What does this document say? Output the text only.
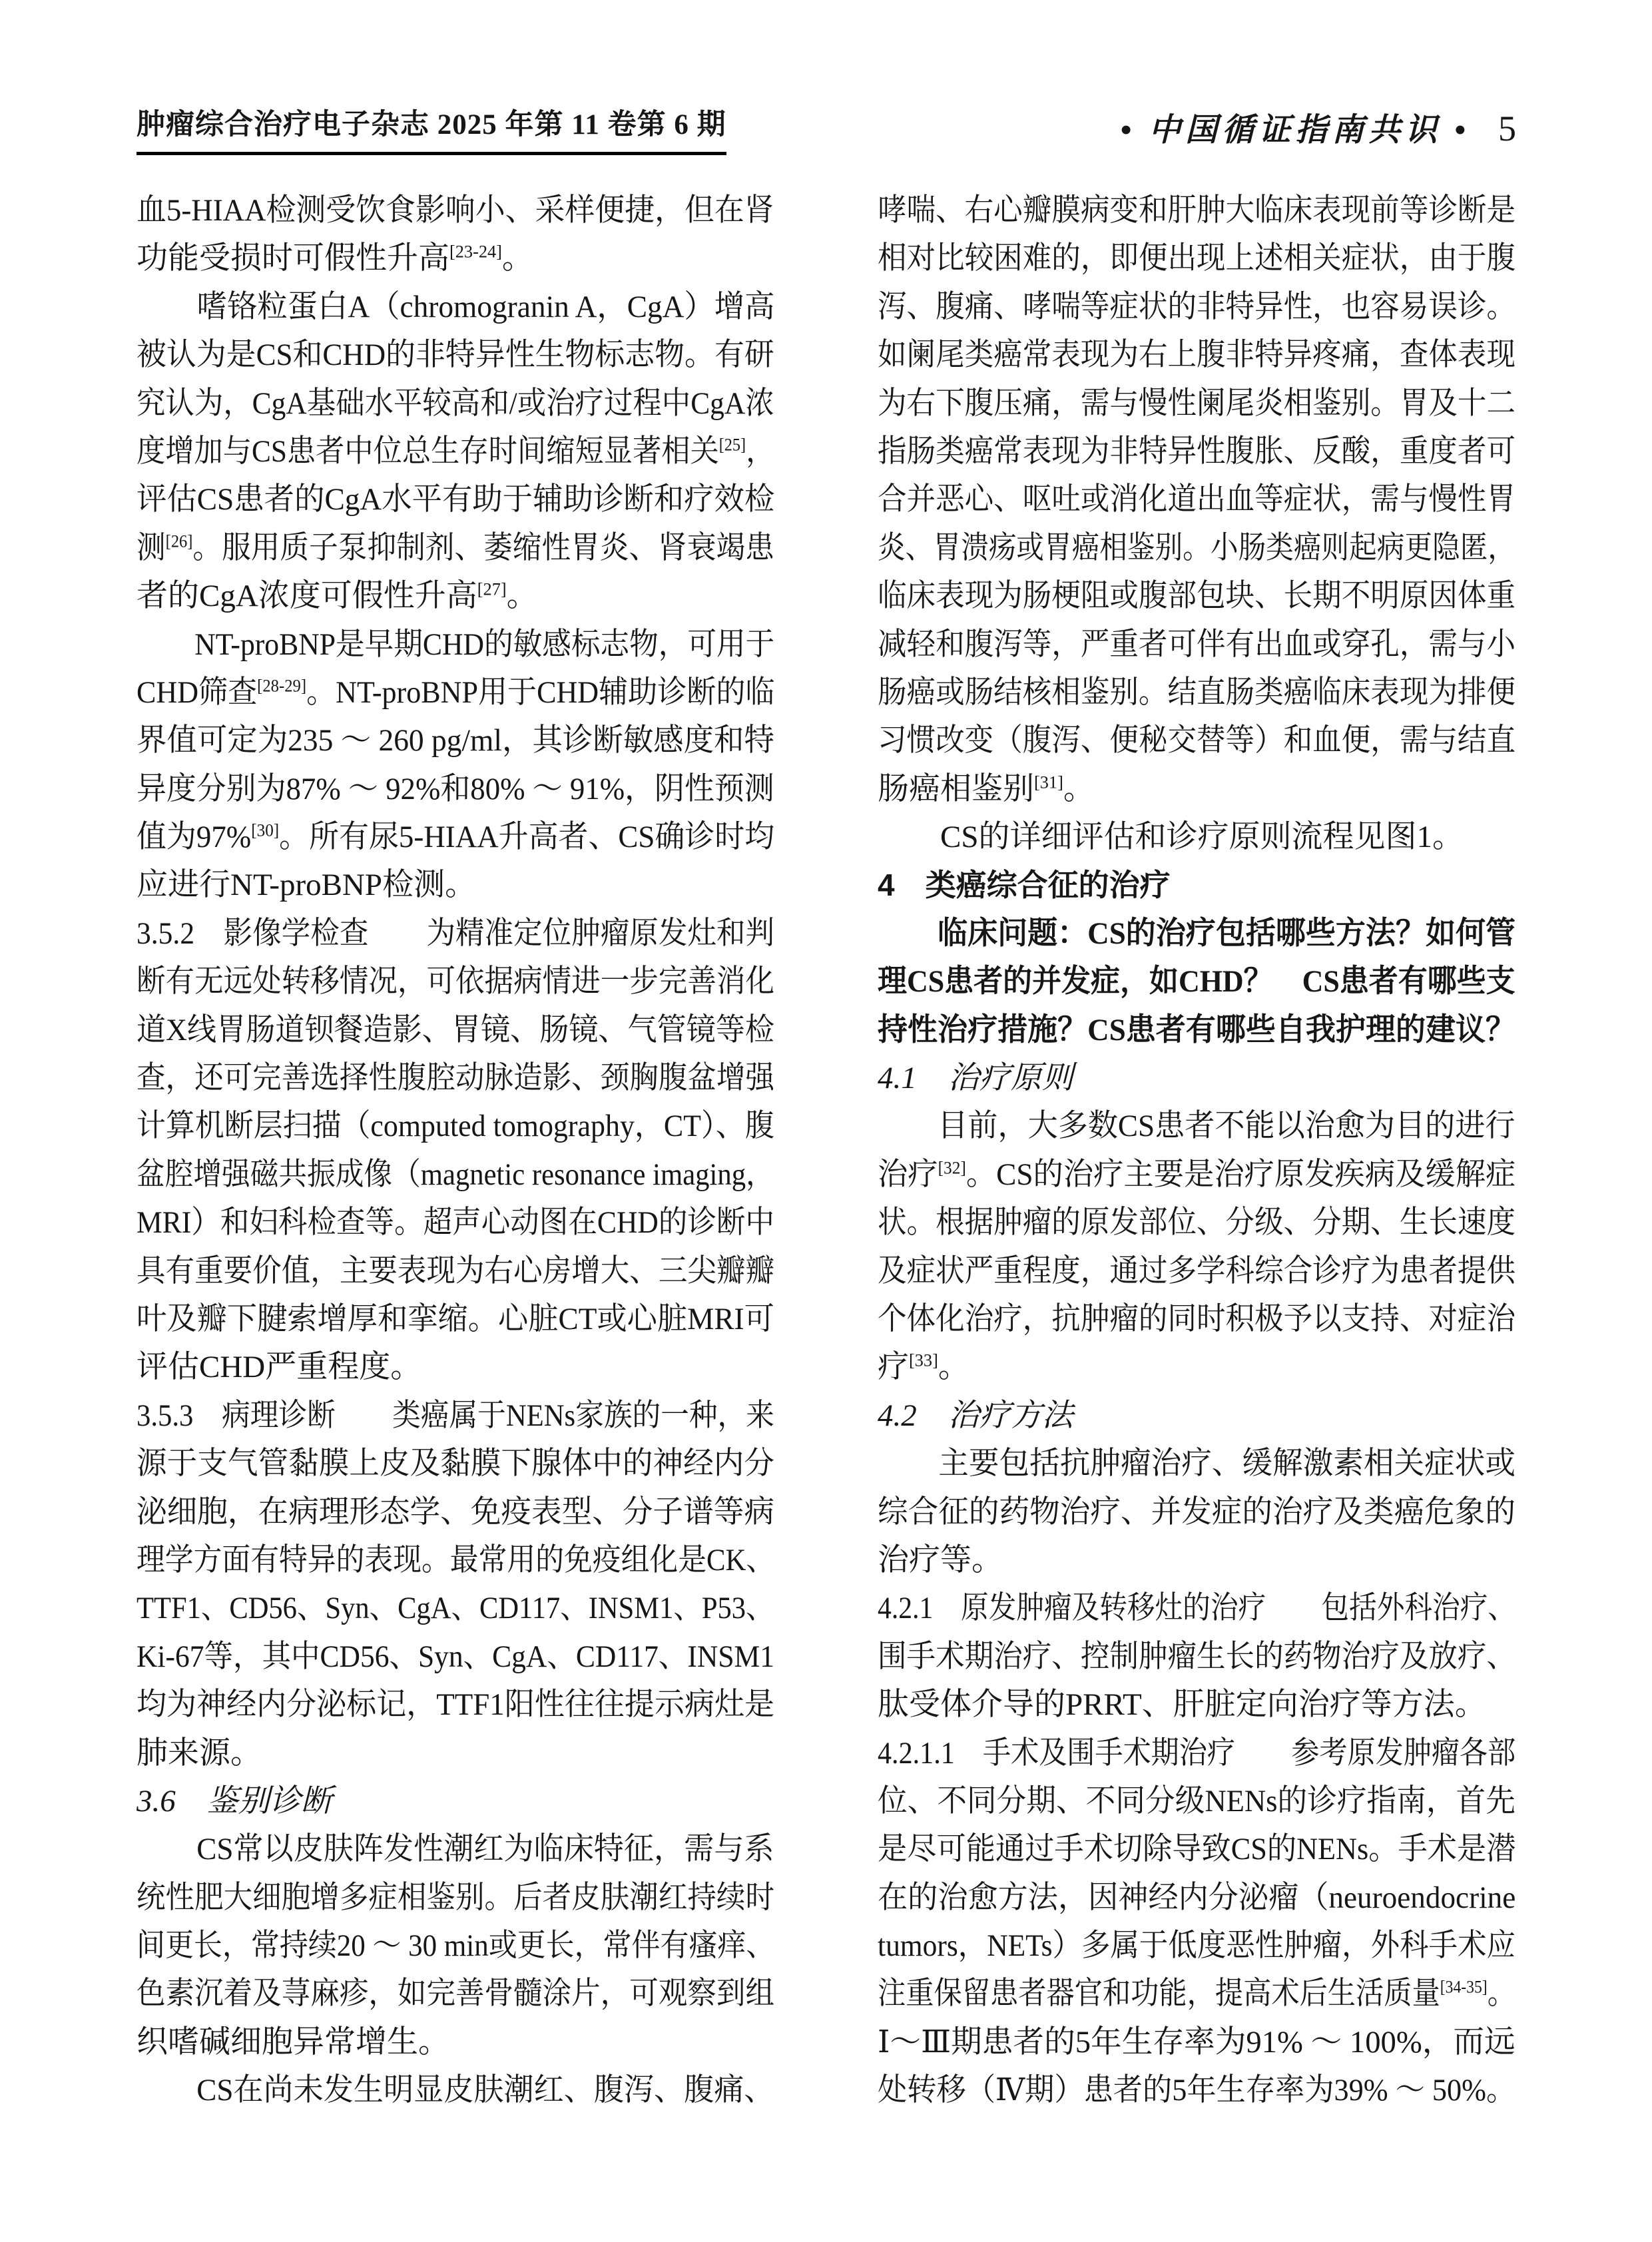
肿瘤综合治疗电子杂志 2025 年第 11 卷第 6 期	• 中国循证指南共识 • 5
血5-HIAA检测受饮食影响小、采样便捷，但在肾
功能受损时可假性升高[23-24]。
嗜铬粒蛋白A（chromogranin A，CgA）增高
被认为是CS和CHD的非特异性生物标志物。有研
究认为，CgA基础水平较高和/或治疗过程中CgA浓
度增加与CS患者中位总生存时间缩短显著相关[25]，
评估CS患者的CgA水平有助于辅助诊断和疗效检
测[26]。服用质子泵抑制剂、萎缩性胃炎、肾衰竭患
者的CgA浓度可假性升高[27]。
NT-proBNP是早期CHD的敏感标志物，可用于
CHD筛查[28-29]。NT-proBNP用于CHD辅助诊断的临
界值可定为235 ～ 260 pg/ml，其诊断敏感度和特
异度分别为87% ～ 92%和80% ～ 91%，阴性预测
值为97%[30]。所有尿5-HIAA升高者、CS确诊时均
应进行NT-proBNP检测。
3.5.2　影像学检查　　为精准定位肿瘤原发灶和判
断有无远处转移情况，可依据病情进一步完善消化
道X线胃肠道钡餐造影、胃镜、肠镜、气管镜等检
查，还可完善选择性腹腔动脉造影、颈胸腹盆增强
计算机断层扫描（computed tomography，CT）、腹
盆腔增强磁共振成像（magnetic resonance imaging，
MRI）和妇科检查等。超声心动图在CHD的诊断中
具有重要价值，主要表现为右心房增大、三尖瓣瓣
叶及瓣下腱索增厚和挛缩。心脏CT或心脏MRI可
评估CHD严重程度。
3.5.3　病理诊断　　类癌属于NENs家族的一种，来
源于支气管黏膜上皮及黏膜下腺体中的神经内分
泌细胞，在病理形态学、免疫表型、分子谱等病
理学方面有特异的表现。最常用的免疫组化是CK、
TTF1、CD56、Syn、CgA、CD117、INSM1、P53、
Ki-67等，其中CD56、Syn、CgA、CD117、INSM1
均为神经内分泌标记，TTF1阳性往往提示病灶是
肺来源。
3.6　鉴别诊断
CS常以皮肤阵发性潮红为临床特征，需与系
统性肥大细胞增多症相鉴别。后者皮肤潮红持续时
间更长，常持续20 ～ 30 min或更长，常伴有瘙痒、
色素沉着及荨麻疹，如完善骨髓涂片，可观察到组
织嗜碱细胞异常增生。
CS在尚未发生明显皮肤潮红、腹泻、腹痛、
哮喘、右心瓣膜病变和肝肿大临床表现前等诊断是
相对比较困难的，即便出现上述相关症状，由于腹
泻、腹痛、哮喘等症状的非特异性，也容易误诊。
如阑尾类癌常表现为右上腹非特异疼痛，查体表现
为右下腹压痛，需与慢性阑尾炎相鉴别。胃及十二
指肠类癌常表现为非特异性腹胀、反酸，重度者可
合并恶心、呕吐或消化道出血等症状，需与慢性胃
炎、胃溃疡或胃癌相鉴别。小肠类癌则起病更隐匿，
临床表现为肠梗阻或腹部包块、长期不明原因体重
减轻和腹泻等，严重者可伴有出血或穿孔，需与小
肠癌或肠结核相鉴别。结直肠类癌临床表现为排便
习惯改变（腹泻、便秘交替等）和血便，需与结直
肠癌相鉴别[31]。
CS的详细评估和诊疗原则流程见图1。
4　类癌综合征的治疗
临床问题：CS的治疗包括哪些方法？如何管
理CS患者的并发症，如CHD？　CS患者有哪些支
持性治疗措施？CS患者有哪些自我护理的建议？
4.1　治疗原则
目前，大多数CS患者不能以治愈为目的进行
治疗[32]。CS的治疗主要是治疗原发疾病及缓解症
状。根据肿瘤的原发部位、分级、分期、生长速度
及症状严重程度，通过多学科综合诊疗为患者提供
个体化治疗，抗肿瘤的同时积极予以支持、对症治
疗[33]。
4.2　治疗方法
主要包括抗肿瘤治疗、缓解激素相关症状或
综合征的药物治疗、并发症的治疗及类癌危象的
治疗等。
4.2.1　原发肿瘤及转移灶的治疗　　包括外科治疗、
围手术期治疗、控制肿瘤生长的药物治疗及放疗、
肽受体介导的PRRT、肝脏定向治疗等方法。
4.2.1.1　手术及围手术期治疗　　参考原发肿瘤各部
位、不同分期、不同分级NENs的诊疗指南，首先
是尽可能通过手术切除导致CS的NENs。手术是潜
在的治愈方法，因神经内分泌瘤（neuroendocrine
tumors，NETs）多属于低度恶性肿瘤，外科手术应
注重保留患者器官和功能，提高术后生活质量[34-35]。
Ⅰ～Ⅲ期患者的5年生存率为91% ～ 100%，而远
处转移（Ⅳ期）患者的5年生存率为39% ～ 50%。
